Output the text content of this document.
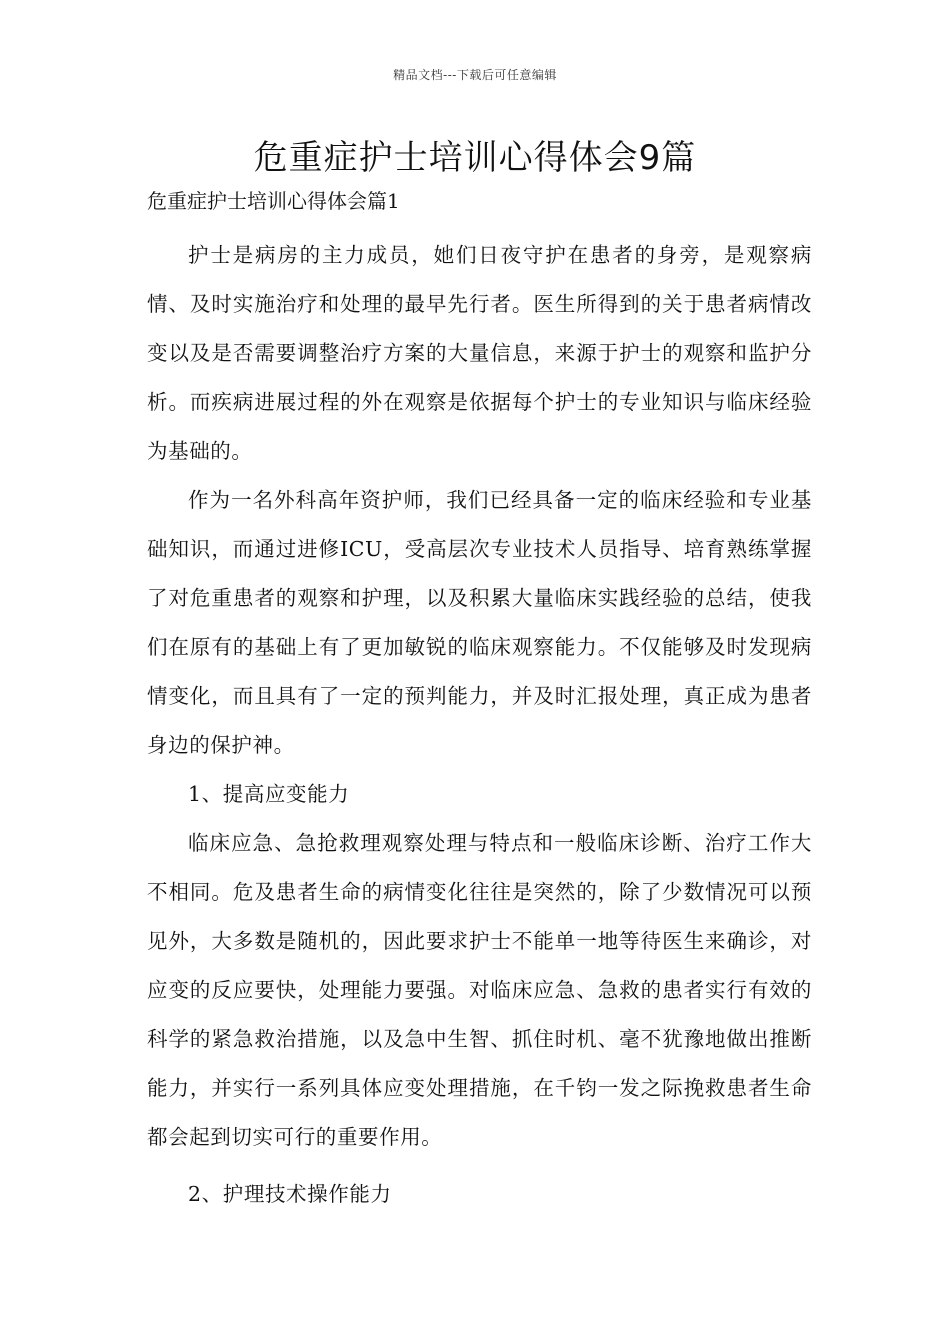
精品文档---下载后可任意编辑
危重症护士培训心得体会9篇

危重症护士培训心得体会篇1

护士是病房的主力成员，她们日夜守护在患者的身旁，是观察病情、及时实施治疗和处理的最早先行者。医生所得到的关于患者病情改变以及是否需要调整治疗方案的大量信息，来源于护士的观察和监护分析。而疾病进展过程的外在观察是依据每个护士的专业知识与临床经验为基础的。

作为一名外科高年资护师，我们已经具备一定的临床经验和专业基础知识，而通过进修ICU，受高层次专业技术人员指导、培育熟练掌握了对危重患者的观察和护理，以及积累大量临床实践经验的总结，使我们在原有的基础上有了更加敏锐的临床观察能力。不仅能够及时发现病情变化，而且具有了一定的预判能力，并及时汇报处理，真正成为患者身边的保护神。

1、提高应变能力

临床应急、急抢救理观察处理与特点和一般临床诊断、治疗工作大不相同。危及患者生命的病情变化往往是突然的，除了少数情况可以预见外，大多数是随机的，因此要求护士不能单一地等待医生来确诊，对应变的反应要快，处理能力要强。对临床应急、急救的患者实行有效的科学的紧急救治措施，以及急中生智、抓住时机、毫不犹豫地做出推断能力，并实行一系列具体应变处理措施，在千钧一发之际挽救患者生命都会起到切实可行的重要作用。

2、护理技术操作能力
